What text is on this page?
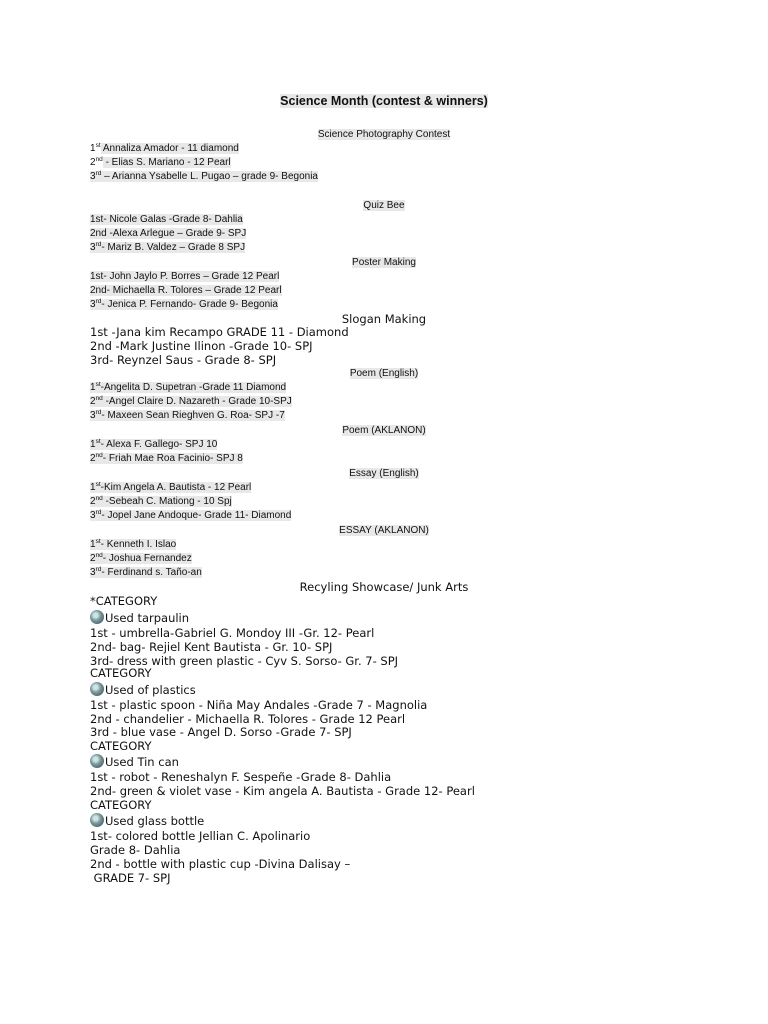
Science Month (contest & winners)
Science Photography Contest
1st Annaliza Amador - 11 diamond
2nd - Elias S. Mariano - 12 Pearl
3rd – Arianna Ysabelle L. Pugao – grade 9- Begonia
Quiz Bee
1st- Nicole Galas -Grade 8- Dahlia
2nd -Alexa Arlegue – Grade 9- SPJ
3rd- Mariz B. Valdez – Grade 8 SPJ
Poster Making
1st- John Jaylo P. Borres – Grade 12 Pearl
2nd- Michaella R. Tolores – Grade 12 Pearl
3rd- Jenica P. Fernando- Grade 9- Begonia
Slogan Making
1st -Jana kim Recampo GRADE 11 - Diamond
2nd -Mark Justine Ilinon -Grade 10- SPJ
3rd- Reynzel Saus - Grade 8- SPJ
Poem (English)
1st-Angelita D. Supetran -Grade 11 Diamond
2nd -Angel Claire D. Nazareth - Grade 10-SPJ
3rd- Maxeen Sean Rieghven G. Roa- SPJ -7
Poem (AKLANON)
1st- Alexa F. Gallego- SPJ 10
2nd- Friah Mae Roa Facinio- SPJ 8
Essay (English)
1st-Kim Angela A. Bautista - 12 Pearl
2nd -Sebeah C. Mationg - 10 Spj
3rd- Jopel Jane Andoque- Grade 11- Diamond
ESSAY (AKLANON)
1st- Kenneth I. Islao
2nd- Joshua Fernandez
3rd- Ferdinand s. Taño-an
Recyling Showcase/ Junk Arts
*CATEGORY
Used tarpaulin
1st - umbrella-Gabriel G. Mondoy III -Gr. 12- Pearl
2nd- bag- Rejiel Kent Bautista - Gr. 10- SPJ
3rd- dress with green plastic - Cyv S. Sorso- Gr. 7- SPJ
CATEGORY
Used of plastics
1st - plastic spoon - Niña May Andales -Grade 7 - Magnolia
2nd - chandelier - Michaella R. Tolores - Grade 12 Pearl
3rd - blue vase - Angel D. Sorso -Grade 7- SPJ
CATEGORY
Used Tin can
1st - robot - Reneshalyn F. Sespeñe -Grade 8- Dahlia
2nd- green & violet vase - Kim angela A. Bautista - Grade 12- Pearl
CATEGORY
Used glass bottle
1st- colored bottle Jellian C. Apolinario
Grade 8- Dahlia
2nd - bottle with plastic cup -Divina Dalisay –
GRADE 7- SPJ
